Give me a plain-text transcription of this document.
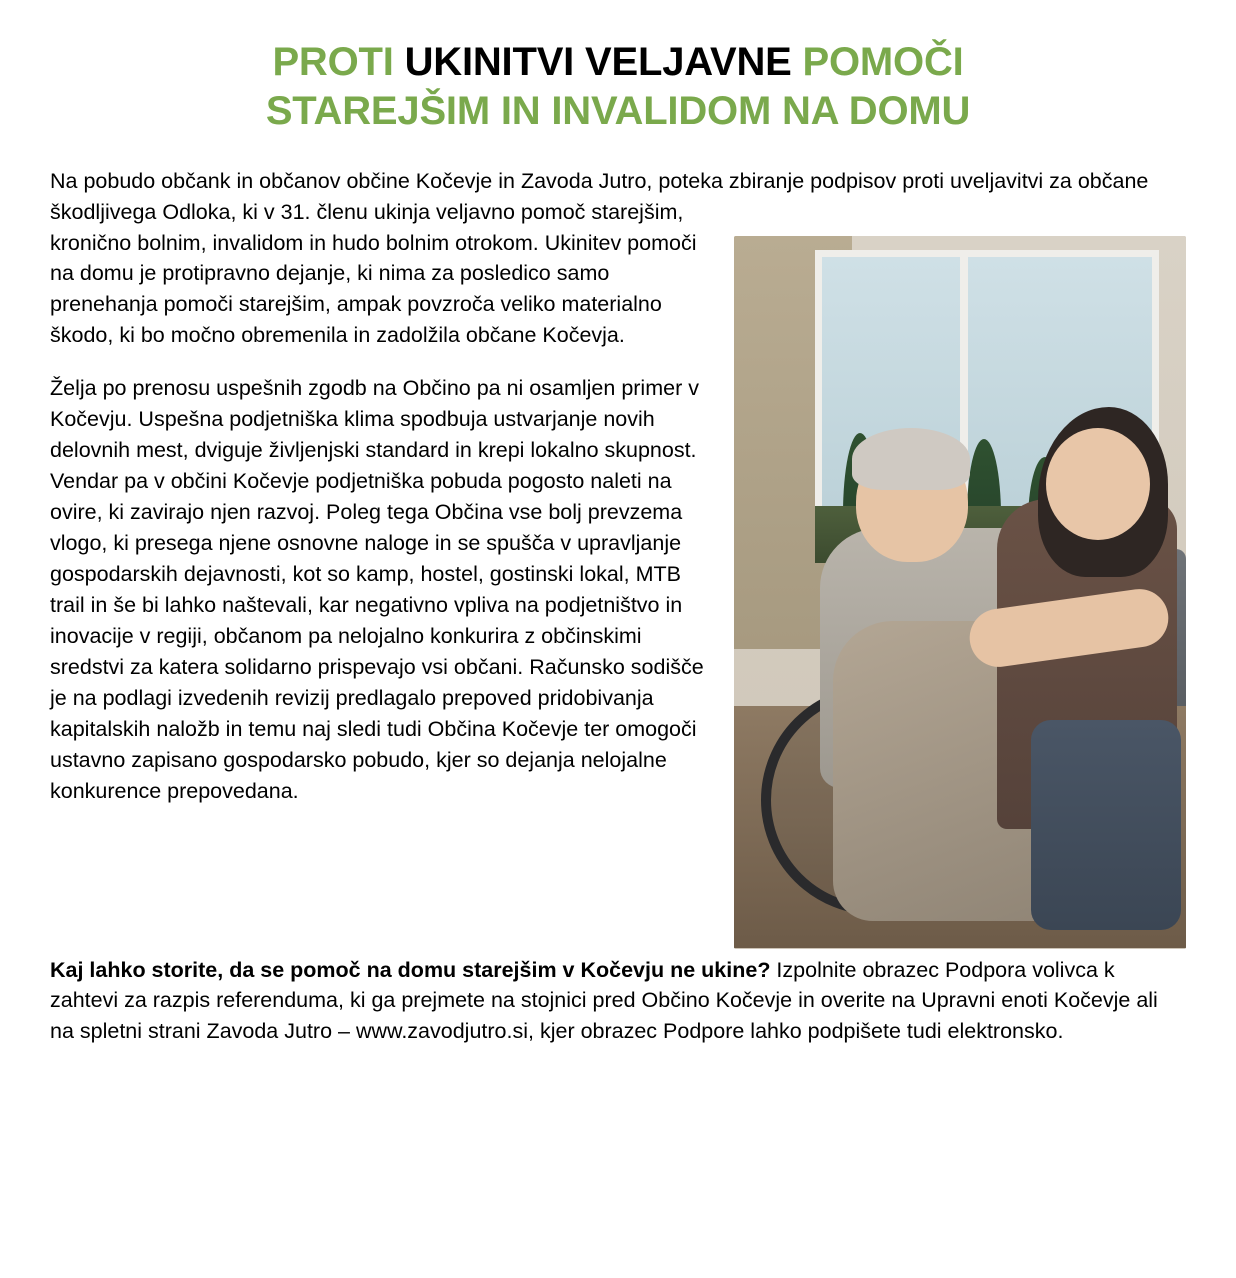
PROTI UKINITVI VELJAVNE POMOČI
STAREJŠIM IN INVALIDOM NA DOMU

Na pobudo občank in občanov občine Kočevje in Zavoda Jutro, poteka zbiranje podpisov proti uveljavitvi za občane škodljivega Odloka, ki v 31. členu ukinja veljavno pomoč starejšim,

kronično bolnim, invalidom in hudo bolnim otrokom. Ukinitev pomoči na domu je protipravno dejanje, ki nima za posledico samo prenehanja pomoči starejšim, ampak povzroča veliko materialno škodo, ki bo močno obremenila in zadolžila občane Kočevja.

Želja po prenosu uspešnih zgodb na Občino pa ni osamljen primer v Kočevju. Uspešna podjetniška klima spodbuja ustvarjanje novih delovnih mest, dviguje življenjski standard in krepi lokalno skupnost. Vendar pa v občini Kočevje podjetniška pobuda pogosto naleti na ovire, ki zavirajo njen razvoj. Poleg tega Občina vse bolj prevzema vlogo, ki presega njene osnovne naloge in se spušča v upravljanje gospodarskih dejavnosti, kot so kamp, hostel, gostinski lokal, MTB trail in še bi lahko naštevali, kar negativno vpliva na podjetništvo in inovacije v regiji, občanom pa nelojalno konkurira z občinskimi sredstvi za katera solidarno prispevajo vsi občani. Računsko sodišče je na podlagi izvedenih revizij predlagalo prepoved pridobivanja kapitalskih naložb in temu naj sledi tudi Občina Kočevje ter omogoči ustavno zapisano gospodarsko pobudo, kjer so dejanja nelojalne konkurence prepovedana.

Kaj lahko storite, da se pomoč na domu starejšim v Kočevju ne ukine? Izpolnite obrazec Podpora volivca k zahtevi za razpis referenduma, ki ga prejmete na stojnici pred Občino Kočevje in overite na Upravni enoti Kočevje ali na spletni strani Zavoda Jutro – www.zavodjutro.si, kjer obrazec Podpore lahko podpišete tudi elektronsko.
